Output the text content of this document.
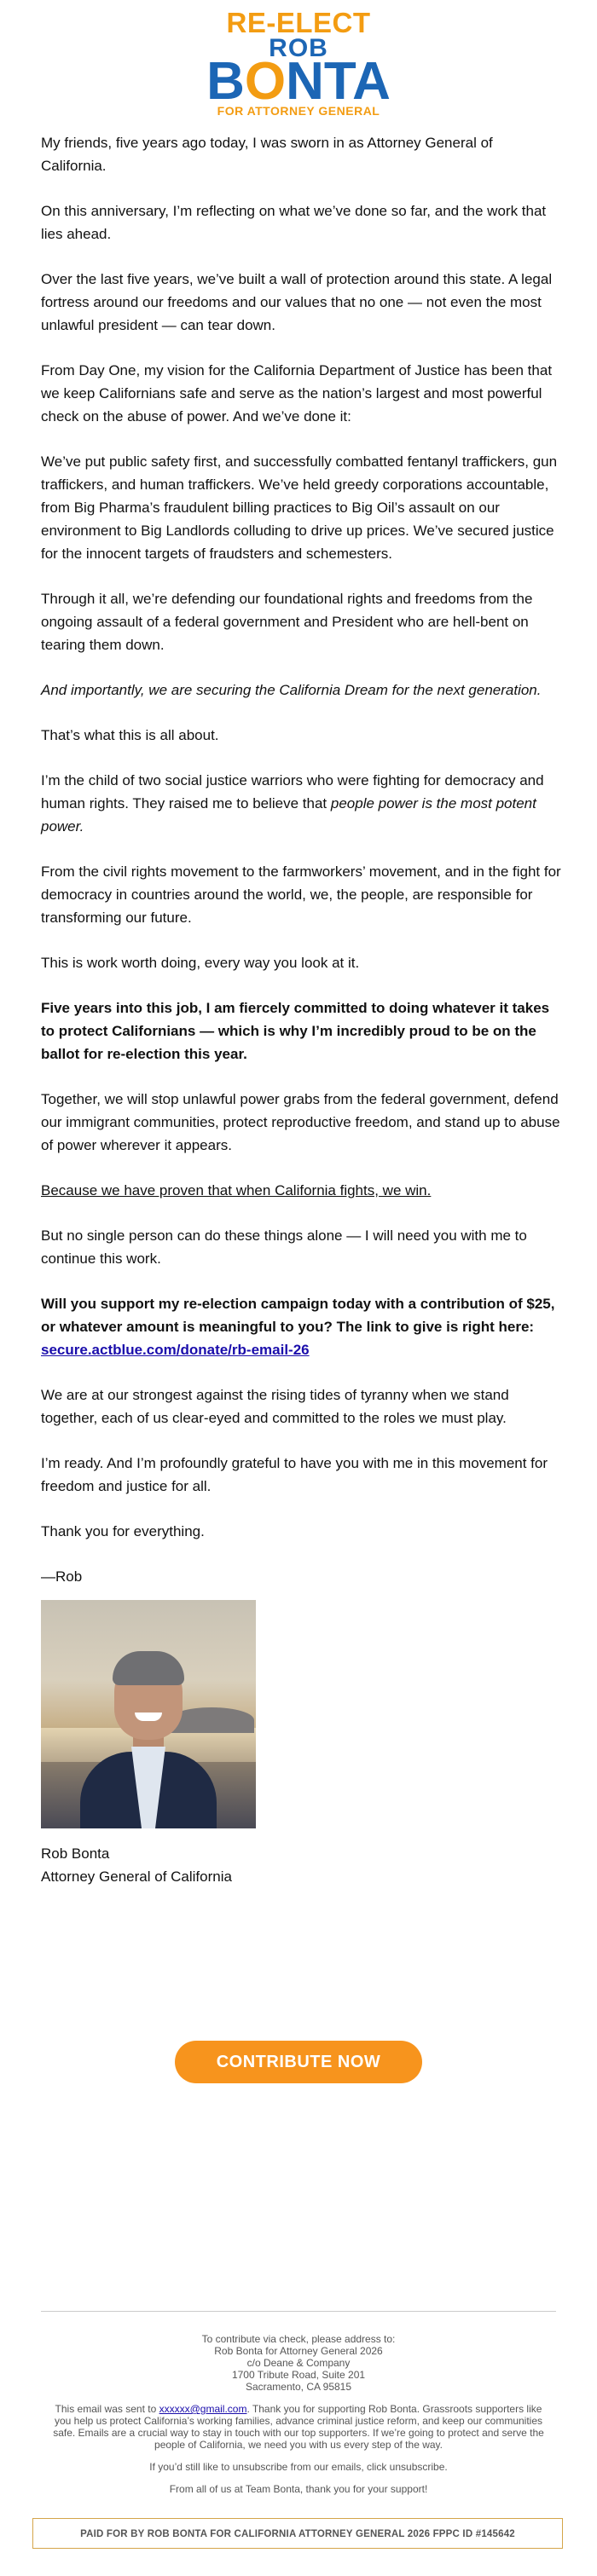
RE-ELECT
ROB
BONTA
FOR ATTORNEY GENERAL

My friends, five years ago today, I was sworn in as Attorney General of California.

On this anniversary, I’m reflecting on what we’ve done so far, and the work that lies ahead.

Over the last five years, we’ve built a wall of protection around this state. A legal fortress around our freedoms and our values that no one — not even the most unlawful president — can tear down.

From Day One, my vision for the California Department of Justice has been that we keep Californians safe and serve as the nation’s largest and most powerful check on the abuse of power. And we’ve done it:

We’ve put public safety first, and successfully combatted fentanyl traffickers, gun traffickers, and human traffickers. We’ve held greedy corporations accountable, from Big Pharma’s fraudulent billing practices to Big Oil’s assault on our environment to Big Landlords colluding to drive up prices. We’ve secured justice for the innocent targets of fraudsters and schemesters.

Through it all, we’re defending our foundational rights and freedoms from the ongoing assault of a federal government and President who are hell-bent on tearing them down.

And importantly, we are securing the California Dream for the next generation.

That’s what this is all about.

I’m the child of two social justice warriors who were fighting for democracy and human rights. They raised me to believe that people power is the most potent power.

From the civil rights movement to the farmworkers’ movement, and in the fight for democracy in countries around the world, we, the people, are responsible for transforming our future.

This is work worth doing, every way you look at it.

Five years into this job, I am fiercely committed to doing whatever it takes to protect Californians — which is why I’m incredibly proud to be on the ballot for re-election this year.

Together, we will stop unlawful power grabs from the federal government, defend our immigrant communities, protect reproductive freedom, and stand up to abuse of power wherever it appears.

Because we have proven that when California fights, we win.

But no single person can do these things alone — I will need you with me to continue this work.

Will you support my re-election campaign today with a contribution of $25, or whatever amount is meaningful to you? The link to give is right here: secure.actblue.com/donate/rb-email-26

We are at our strongest against the rising tides of tyranny when we stand together, each of us clear-eyed and committed to the roles we must play.

I’m ready. And I’m profoundly grateful to have you with me in this movement for freedom and justice for all.

Thank you for everything.

—Rob

Rob Bonta

Attorney General of California

CONTRIBUTE NOW

To contribute via check, please address to:
Rob Bonta for Attorney General 2026
c/o Deane & Company
1700 Tribute Road, Suite 201
Sacramento, CA 95815

This email was sent to xxxxxx@gmail.com. Thank you for supporting Rob Bonta. Grassroots supporters like you help us protect California’s working families, advance criminal justice reform, and keep our communities safe. Emails are a crucial way to stay in touch with our top supporters. If we’re going to protect and serve the people of California, we need you with us every step of the way.

If you’d still like to unsubscribe from our emails, click unsubscribe.

From all of us at Team Bonta, thank you for your support!

PAID FOR BY ROB BONTA FOR CALIFORNIA ATTORNEY GENERAL 2026 FPPC ID #145642
